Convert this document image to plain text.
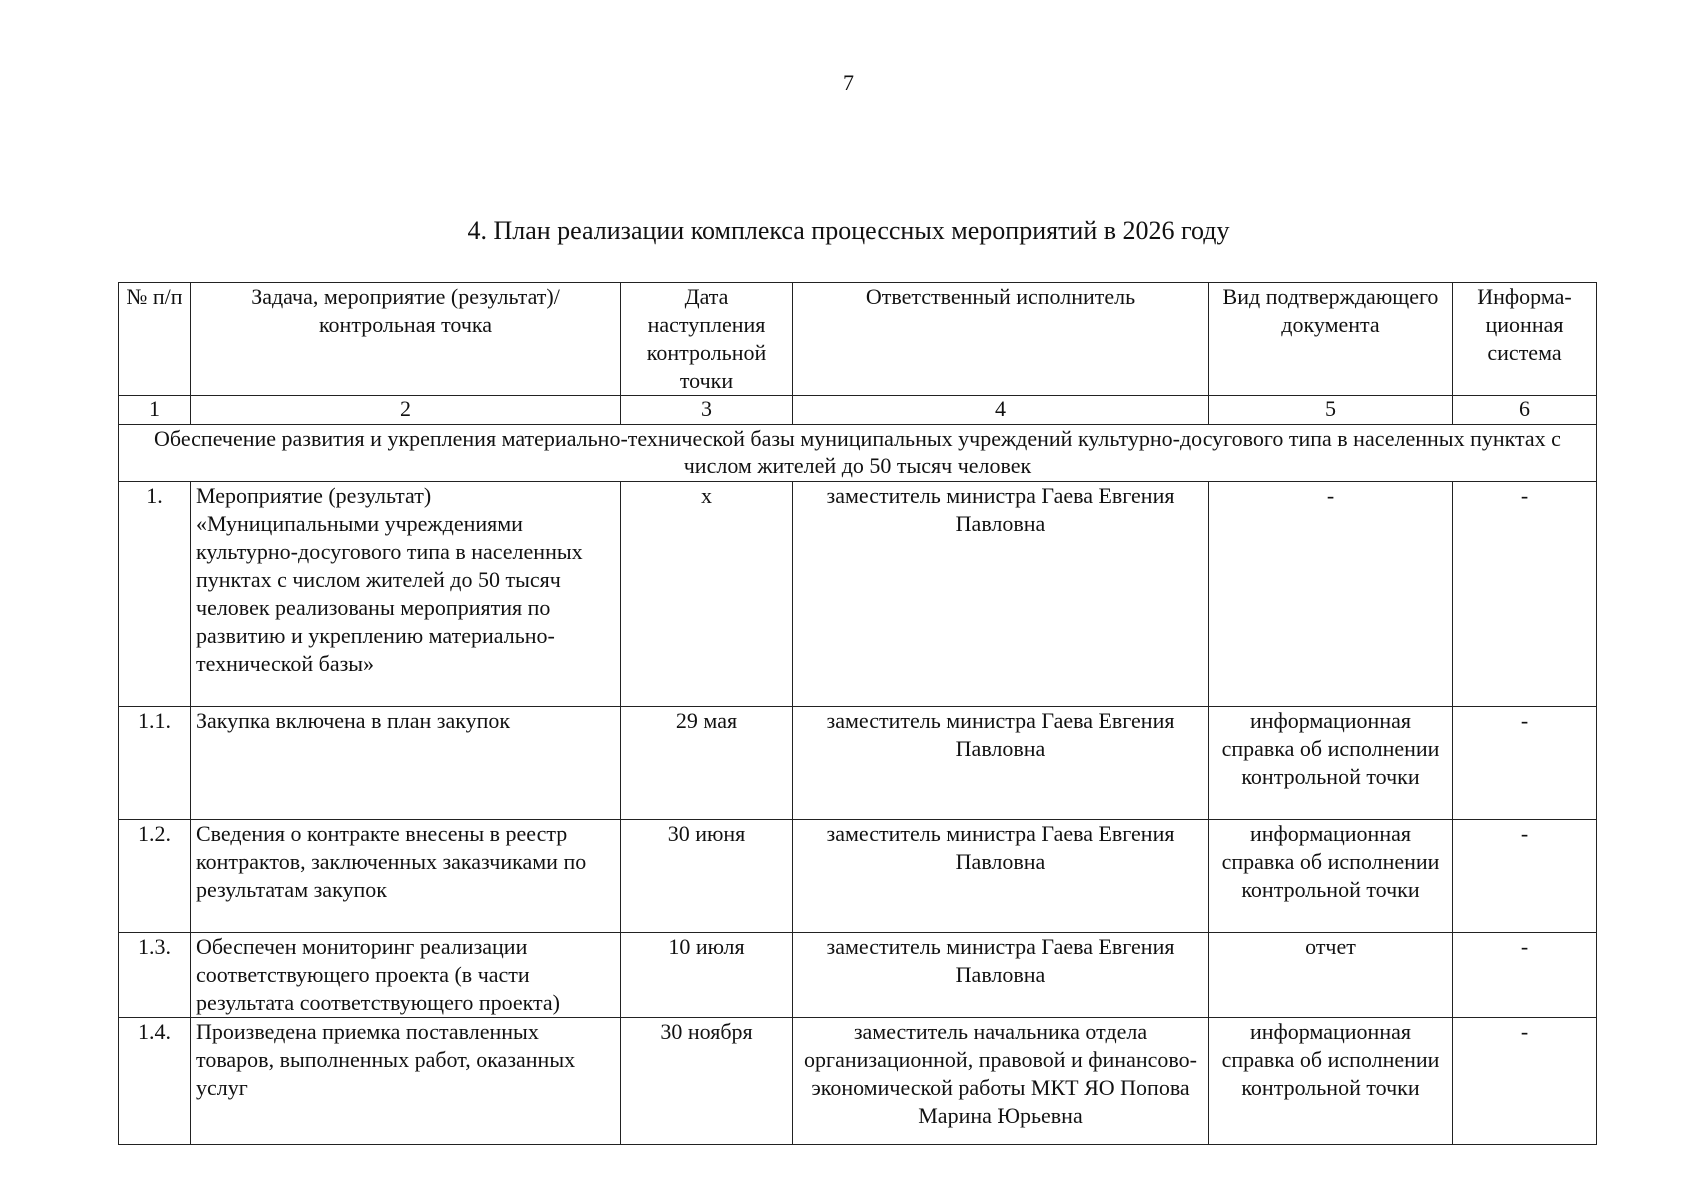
7
4. План реализации комплекса процессных мероприятий в 2026 году
№ п/п	Задача, мероприятие (результат)/ контрольная точка	Дата наступления контрольной точки	Ответственный исполнитель	Вид подтверждающего документа	Информа-ционная система
1	2	3	4	5	6
Обеспечение развития и укрепления материально-технической базы муниципальных учреждений культурно-досугового типа в населенных пунктах с числом жителей до 50 тысяч человек					
1.	Мероприятие (результат) «Муниципальными учреждениями культурно-досугового типа в населенных пунктах с числом жителей до 50 тысяч человек реализованы мероприятия по развитию и укреплению материально-технической базы»	x	заместитель министра Гаева Евгения Павловна	-	-
1.1.	Закупка включена в план закупок	29 мая	заместитель министра Гаева Евгения Павловна	информационная справка об исполнении контрольной точки	-
1.2.	Сведения о контракте внесены в реестр контрактов, заключенных заказчиками по результатам закупок	30 июня	заместитель министра Гаева Евгения Павловна	информационная справка об исполнении контрольной точки	-
1.3.	Обеспечен мониторинг реализации соответствующего проекта (в части результата соответствующего проекта)	10 июля	заместитель министра Гаева Евгения Павловна	отчет	-
1.4.	Произведена приемка поставленных товаров, выполненных работ, оказанных услуг	30 ноября	заместитель начальника отдела организационной, правовой и финансово-экономической работы МКТ ЯО Попова Марина Юрьевна	информационная справка об исполнении контрольной точки	-
